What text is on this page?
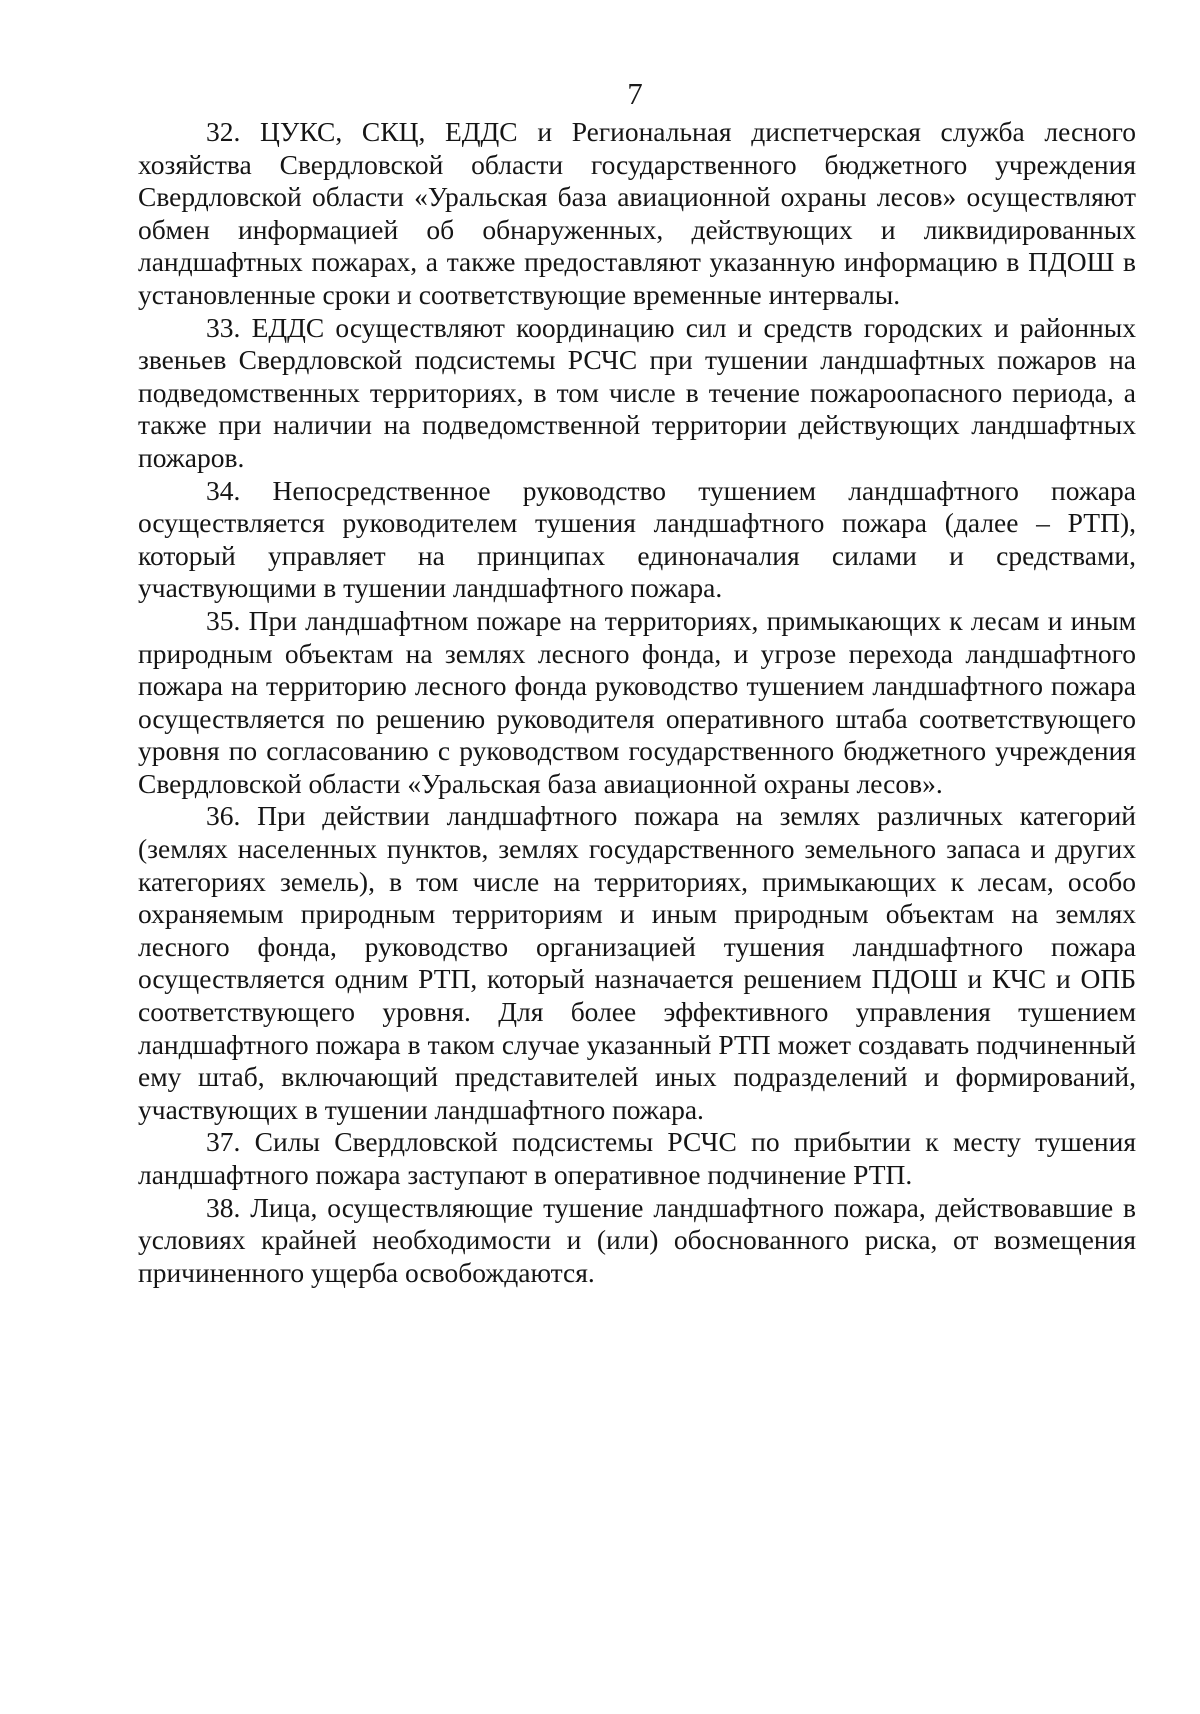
7

32. ЦУКС, СКЦ, ЕДДС и Региональная диспетчерская служба лесного хозяйства Свердловской области государственного бюджетного учреждения Свердловской области «Уральская база авиационной охраны лесов» осуществляют обмен информацией об обнаруженных, действующих и ликвидированных ландшафтных пожарах, а также предоставляют указанную информацию в ПДОШ в установленные сроки и соответствующие временные интервалы.

33. ЕДДС осуществляют координацию сил и средств городских и районных звеньев Свердловской подсистемы РСЧС при тушении ландшафтных пожаров на подведомственных территориях, в том числе в течение пожароопасного периода, а также при наличии на подведомственной территории действующих ландшафтных пожаров.

34. Непосредственное руководство тушением ландшафтного пожара осуществляется руководителем тушения ландшафтного пожара (далее – РТП), который управляет на принципах единоначалия силами и средствами, участвующими в тушении ландшафтного пожара.

35. При ландшафтном пожаре на территориях, примыкающих к лесам и иным природным объектам на землях лесного фонда, и угрозе перехода ландшафтного пожара на территорию лесного фонда руководство тушением ландшафтного пожара осуществляется по решению руководителя оперативного штаба соответствующего уровня по согласованию с руководством государственного бюджетного учреждения Свердловской области «Уральская база авиационной охраны лесов».

36. При действии ландшафтного пожара на землях различных категорий (землях населенных пунктов, землях государственного земельного запаса и других категориях земель), в том числе на территориях, примыкающих к лесам, особо охраняемым природным территориям и иным природным объектам на землях лесного фонда, руководство организацией тушения ландшафтного пожара осуществляется одним РТП, который назначается решением ПДОШ и КЧС и ОПБ соответствующего уровня. Для более эффективного управления тушением ландшафтного пожара в таком случае указанный РТП может создавать подчиненный ему штаб, включающий представителей иных подразделений и формирований, участвующих в тушении ландшафтного пожара.

37. Силы Свердловской подсистемы РСЧС по прибытии к месту тушения ландшафтного пожара заступают в оперативное подчинение РТП.

38. Лица, осуществляющие тушение ландшафтного пожара, действовавшие в условиях крайней необходимости и (или) обоснованного риска, от возмещения причиненного ущерба освобождаются.
